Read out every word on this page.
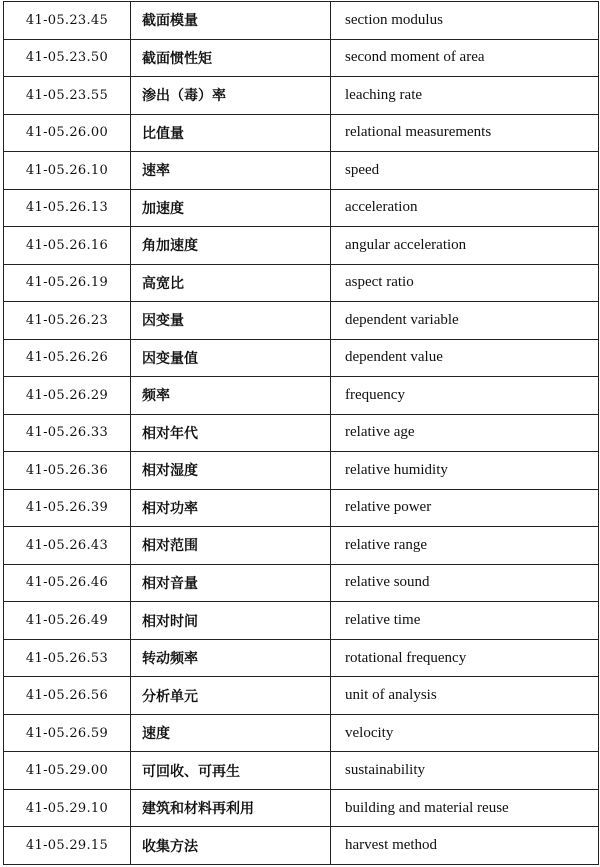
41-05.23.45	截面模量	section modulus
41-05.23.50	截面惯性矩	second moment of area
41-05.23.55	渗出（毒）率	leaching rate
41-05.26.00	比值量	relational measurements
41-05.26.10	速率	speed
41-05.26.13	加速度	acceleration
41-05.26.16	角加速度	angular acceleration
41-05.26.19	高宽比	aspect ratio
41-05.26.23	因变量	dependent variable
41-05.26.26	因变量值	dependent value
41-05.26.29	频率	frequency
41-05.26.33	相对年代	relative age
41-05.26.36	相对湿度	relative humidity
41-05.26.39	相对功率	relative power
41-05.26.43	相对范围	relative range
41-05.26.46	相对音量	relative sound
41-05.26.49	相对时间	relative time
41-05.26.53	转动频率	rotational frequency
41-05.26.56	分析单元	unit of analysis
41-05.26.59	速度	velocity
41-05.29.00	可回收、可再生	sustainability
41-05.29.10	建筑和材料再利用	building and material reuse
41-05.29.15	收集方法	harvest method
